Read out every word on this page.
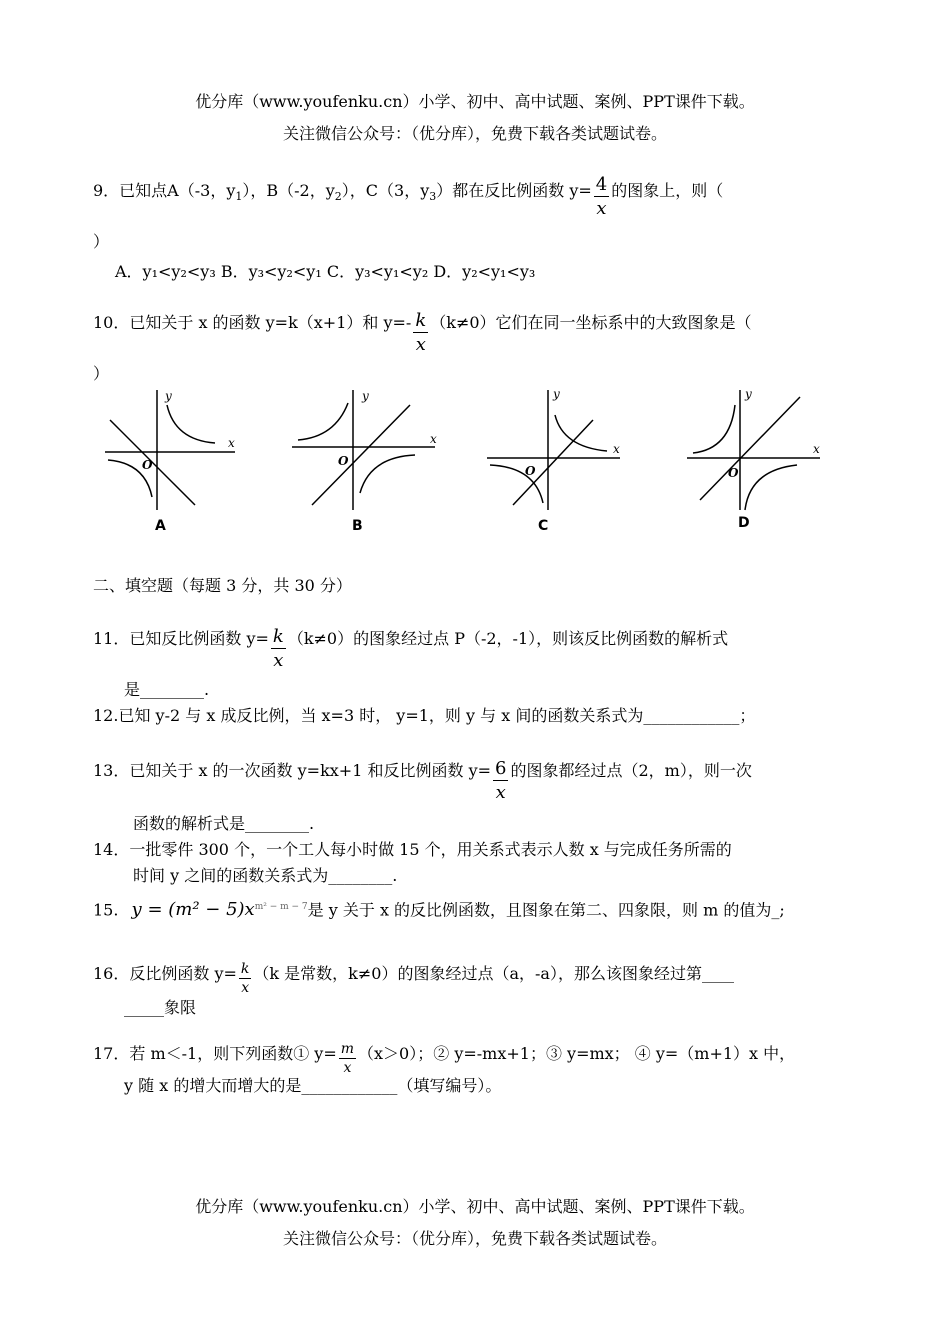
优分库（www.youfenku.cn）小学、初中、高中试题、案例、PPT课件下载。
关注微信公众号：（优分库），免费下载各类试题试卷。
9．已知点A（-3，$y_1$），B（-2，$y_2$），C（3，$y_3$）都在反比例函数 $y= \frac{4}{x}$ 的图象上，则（
）
A．y₁<y₂<y₃ B．y₃<y₂<y₁ C．y₃<y₁<y₂ D．y₂<y₁<y₃
10．已知关于 x 的函数 y=k（x+1）和 $y=- \frac{k}{x} (k\ne 0)$它们在同一坐标系中的大致图象是（
）
y
x
O
A
y
x
O
B
y
x
O
C
y
x
O
D
二、填空题（每题 3 分，共 30 分）
11．已知反比例函数 $y= \frac{k}{x} (k\ne 0)$的图象经过点 P（-2，-1），则该反比例函数的解析式
是________.
12.已知 y-2 与 x 成反比例，当 x=3 时， y=1，则 y 与 x 间的函数关系式为____________；
13．已知关于 x 的一次函数 y=kx+1 和反比例函数 $y= \frac{6}{x}$ 的图象都经过点（2，m），则一次
函数的解析式是________.
14．一批零件 300 个，一个工人每小时做 15 个，用关系式表示人数 x 与完成任务所需的
时间 y 之间的函数关系式为________.
15. $y = (m^2 - 5)x^{m^2 - m - 7}$是 y 关于 x 的反比例函数，且图象在第二、四象限，则 m 的值为_;
16．反比例函数 $y= \frac{k}{x} (k$ 是常数，k≠0）的图象经过点（a，-a），那么该图象经过第____
_____象限
17．若 m＜-1，则下列函数① $y= \frac{m}{x} (x>0)$；② y=-mx+1；③ y=mx； ④ y=（m+1）x 中，
y 随 x 的增大而增大的是____________（填写编号）。
优分库（www.youfenku.cn）小学、初中、高中试题、案例、PPT课件下载。
关注微信公众号：（优分库），免费下载各类试题试卷。
